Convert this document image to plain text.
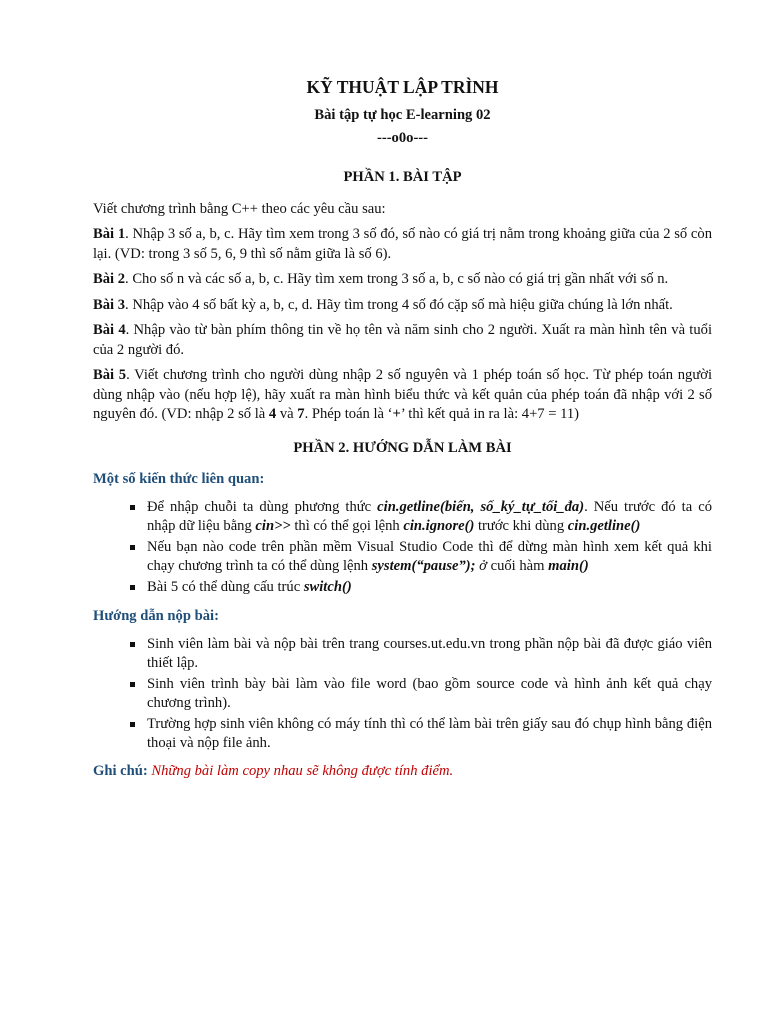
KỸ THUẬT LẬP TRÌNH
Bài tập tự học E-learning 02
---o0o---
PHẦN 1. BÀI TẬP

Viết chương trình bằng C++ theo các yêu cầu sau:

Bài 1. Nhập 3 số a, b, c. Hãy tìm xem trong 3 số đó, số nào có giá trị nằm trong khoảng giữa của 2 số còn lại. (VD: trong 3 số 5, 6, 9 thì số nằm giữa là số 6).

Bài 2. Cho số n và các số a, b, c. Hãy tìm xem trong 3 số a, b, c số nào có giá trị gần nhất với số n.

Bài 3. Nhập vào 4 số bất kỳ a, b, c, d. Hãy tìm trong 4 số đó cặp số mà hiệu giữa chúng là lớn nhất.

Bài 4. Nhập vào từ bàn phím thông tin về họ tên và năm sinh cho 2 người. Xuất ra màn hình tên và tuổi của 2 người đó.

Bài 5. Viết chương trình cho người dùng nhập 2 số nguyên và 1 phép toán số học. Từ phép toán người dùng nhập vào (nếu hợp lệ), hãy xuất ra màn hình biểu thức và kết quản của phép toán đã nhập với 2 số nguyên đó. (VD: nhập 2 số là 4 và 7. Phép toán là ‘+’ thì kết quả in ra là: 4+7 = 11)

PHẦN 2. HƯỚNG DẪN LÀM BÀI
Một số kiến thức liên quan:
Để nhập chuỗi ta dùng phương thức cin.getline(biến, số_ký_tự_tối_đa). Nếu trước đó ta có nhập dữ liệu bằng cin>> thì có thể gọi lệnh cin.ignore() trước khi dùng cin.getline()
Nếu bạn nào code trên phần mềm Visual Studio Code thì để dừng màn hình xem kết quả khi chạy chương trình ta có thể dùng lệnh system(“pause”); ở cuối hàm main()
Bài 5 có thể dùng cấu trúc switch()
Hướng dẫn nộp bài:
Sinh viên làm bài và nộp bài trên trang courses.ut.edu.vn trong phần nộp bài đã được giáo viên thiết lập.
Sinh viên trình bày bài làm vào file word (bao gồm source code và hình ảnh kết quả chạy chương trình).
Trường hợp sinh viên không có máy tính thì có thể làm bài trên giấy sau đó chụp hình bằng điện thoại và nộp file ảnh.

Ghi chú: Những bài làm copy nhau sẽ không được tính điểm.
